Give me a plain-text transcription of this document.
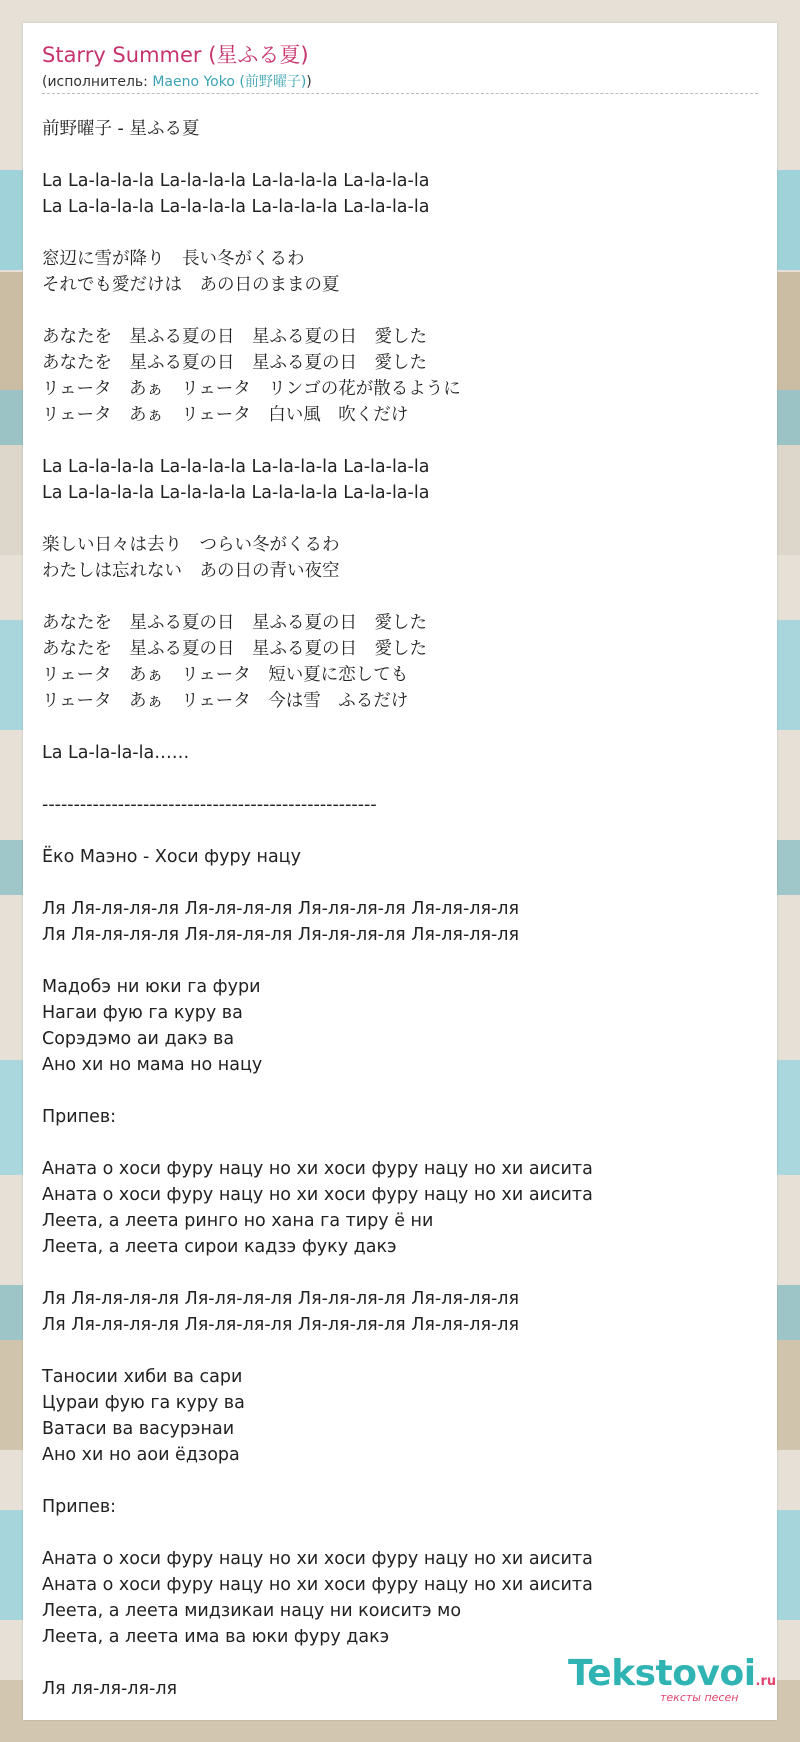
Starry Summer (星ふる夏)
(исполнитель: Maeno Yoko (前野曜子))
前野曜子 - 星ふる夏

La La-la-la-la La-la-la-la La-la-la-la La-la-la-la
La La-la-la-la La-la-la-la La-la-la-la La-la-la-la

窓辺に雪が降り　長い冬がくるわ
それでも愛だけは　あの日のままの夏

あなたを　星ふる夏の日　星ふる夏の日　愛した
あなたを　星ふる夏の日　星ふる夏の日　愛した
リェータ　あぁ　リェータ　リンゴの花が散るように
リェータ　あぁ　リェータ　白い風　吹くだけ

La La-la-la-la La-la-la-la La-la-la-la La-la-la-la
La La-la-la-la La-la-la-la La-la-la-la La-la-la-la

楽しい日々は去り　つらい冬がくるわ
わたしは忘れない　あの日の青い夜空

あなたを　星ふる夏の日　星ふる夏の日　愛した
あなたを　星ふる夏の日　星ふる夏の日　愛した
リェータ　あぁ　リェータ　短い夏に恋しても
リェータ　あぁ　リェータ　今は雪　ふるだけ

La La-la-la-la……

-----------------------------------------------------

Ёко Маэно - Хоси фуру нацу

Ля Ля-ля-ля-ля Ля-ля-ля-ля Ля-ля-ля-ля Ля-ля-ля-ля
Ля Ля-ля-ля-ля Ля-ля-ля-ля Ля-ля-ля-ля Ля-ля-ля-ля

Мадобэ ни юки га фури
Нагаи фую га куру ва
Сорэдэмо аи дакэ ва
Ано хи но мама но нацу

Припев:

Аната о хоси фуру нацу но хи хоси фуру нацу но хи аисита
Аната о хоси фуру нацу но хи хоси фуру нацу но хи аисита
Леета, а леета ринго но хана га тиру ё ни
Леета, а леета сирои кадзэ фуку дакэ

Ля Ля-ля-ля-ля Ля-ля-ля-ля Ля-ля-ля-ля Ля-ля-ля-ля
Ля Ля-ля-ля-ля Ля-ля-ля-ля Ля-ля-ля-ля Ля-ля-ля-ля

Таносии хиби ва сари
Цураи фую га куру ва
Ватаси ва васурэнаи
Ано хи но аои ёдзора

Припев:

Аната о хоси фуру нацу но хи хоси фуру нацу но хи аисита
Аната о хоси фуру нацу но хи хоси фуру нацу но хи аисита
Леета, а леета мидзикаи нацу ни коиситэ мо
Леета, а леета има ва юки фуру дакэ

Ля ля-ля-ля-ля	Tekstovoi.ru
тексты песен
